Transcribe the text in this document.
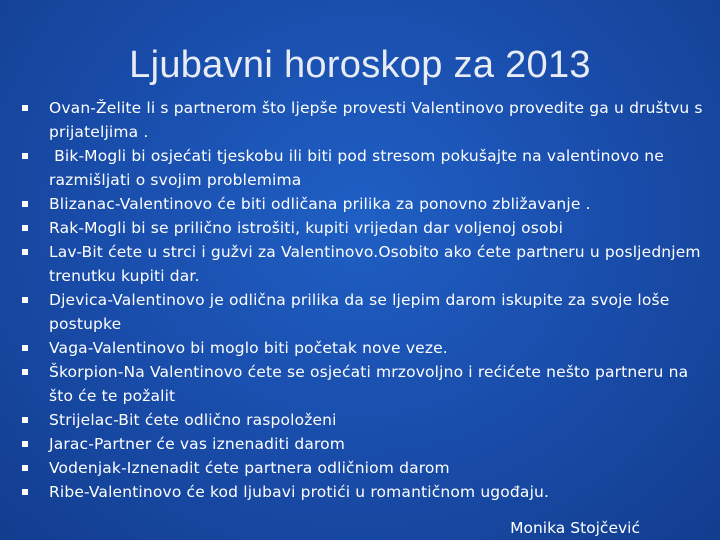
Ljubavni horoskop za 2013
Ovan-Želite li s partnerom što ljepše provesti Valentinovo provedite ga u društvu s prijateljima .
Bik-Mogli bi osjećati tjeskobu ili biti pod stresom pokušajte na valentinovo ne razmišljati o svojim problemima
Blizanac-Valentinovo će biti odličana prilika za ponovno zbližavanje .
Rak-Mogli bi se prilično istrošiti, kupiti vrijedan dar voljenoj osobi
Lav-Bit ćete u strci i gužvi za Valentinovo.Osobito ako ćete partneru u posljednjem trenutku kupiti dar.
Djevica-Valentinovo je odlična prilika da se ljepim darom iskupite za svoje loše postupke
Vaga-Valentinovo bi moglo biti početak nove veze.
Škorpion-Na Valentinovo ćete se osjećati mrzovoljno i rećićete nešto partneru na što će te požalit
Strijelac-Bit ćete odlično raspoloženi
Jarac-Partner će vas iznenaditi darom
Vodenjak-Iznenadit ćete partnera odličniom darom
Ribe-Valentinovo će kod ljubavi protići u romantičnom ugođaju.
Monika Stojčević
